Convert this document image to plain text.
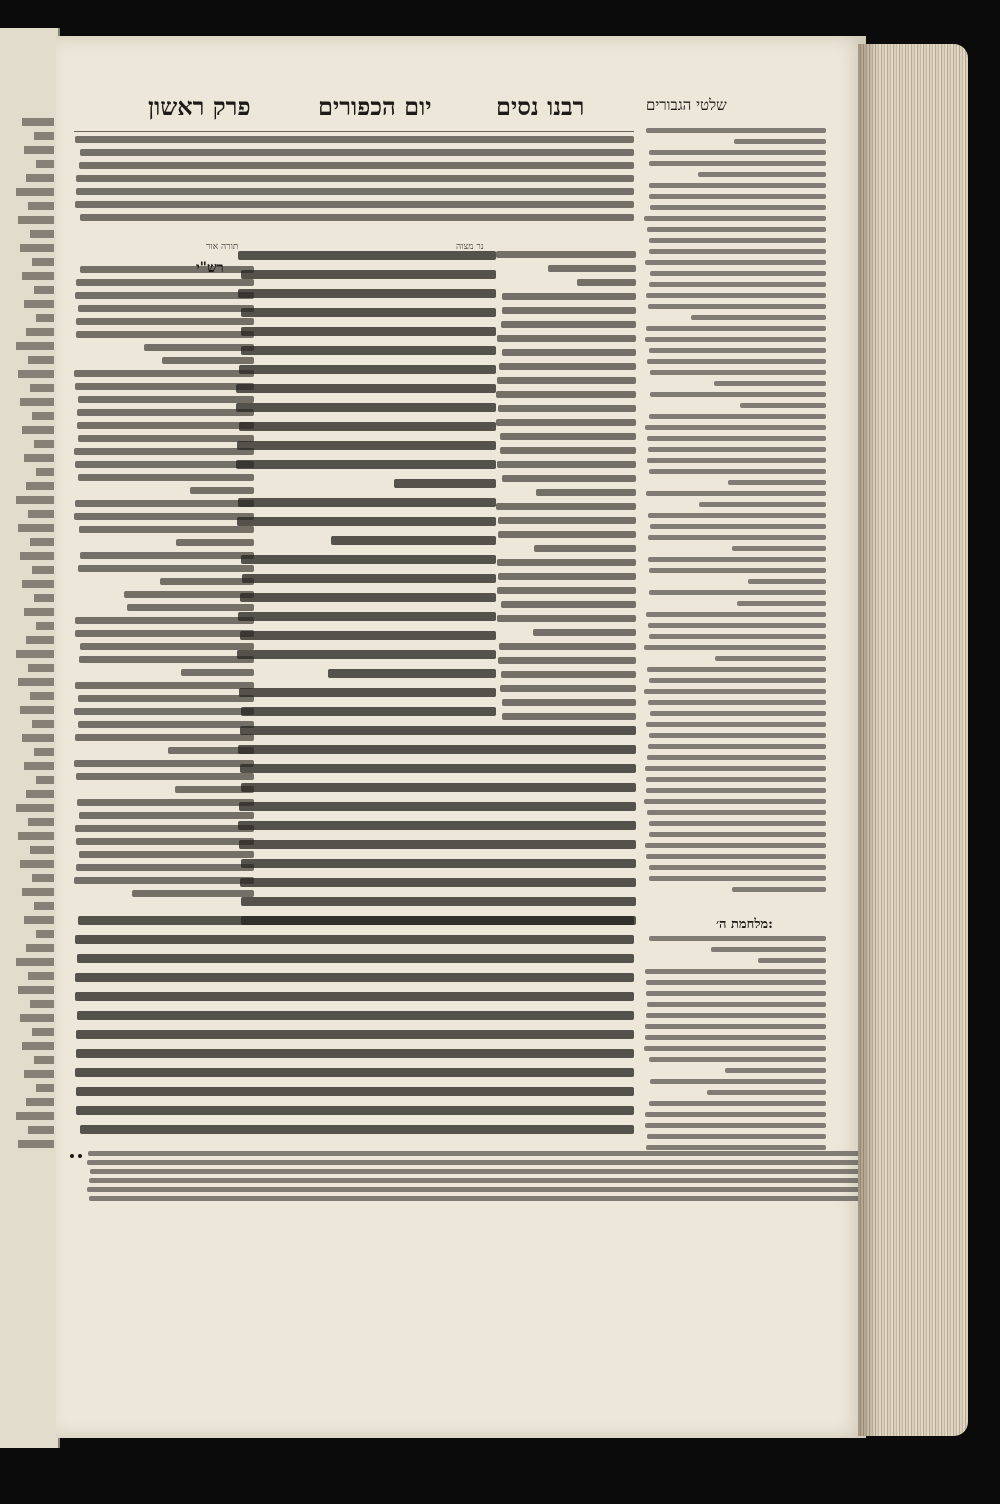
פרק ראשון	יום הכפורים	רבנו נסים	שלטי הגבורים
רש"י
מלחמת ה׳:
תורה אור	נר מצוה
